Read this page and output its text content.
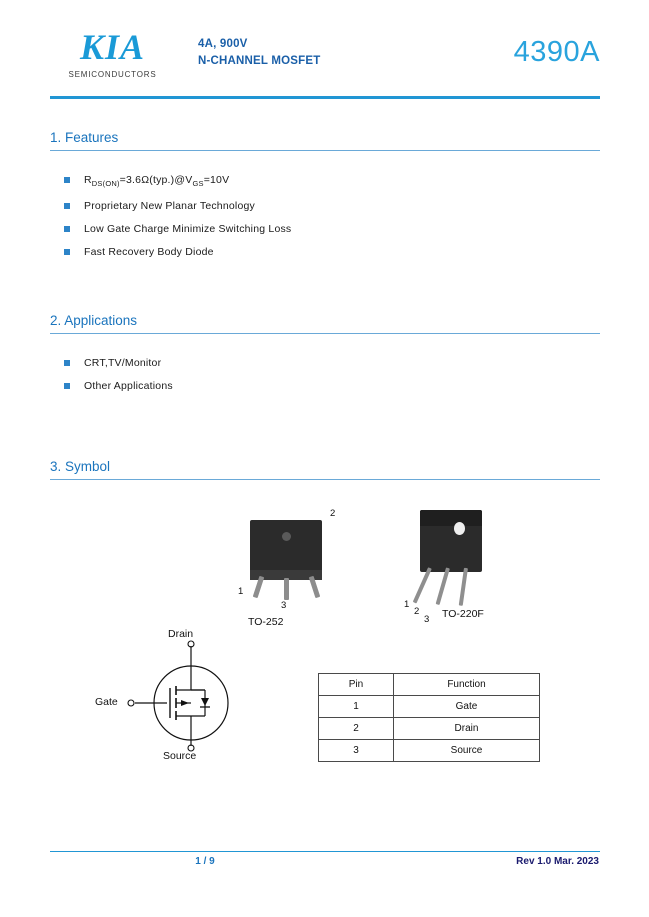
KIA
SEMICONDUCTORS
4A, 900V
N-CHANNEL MOSFET	4390A
1. Features
$R_{DS(ON)}=3.6\Omega(typ.)@V_{GS}=10V$
Proprietary New Planar Technology
Low Gate Charge Minimize Switching Loss
Fast Recovery Body Diode
2. Applications
CRT,TV/Monitor
Other Applications
3. Symbol
2
1
3
TO-252
1
2
3 TO-220F
Drain
Gate
Source
Pin	Function
1	Gate
2	Drain
3	Source
1 / 9	Rev 1.0 Mar. 2023
